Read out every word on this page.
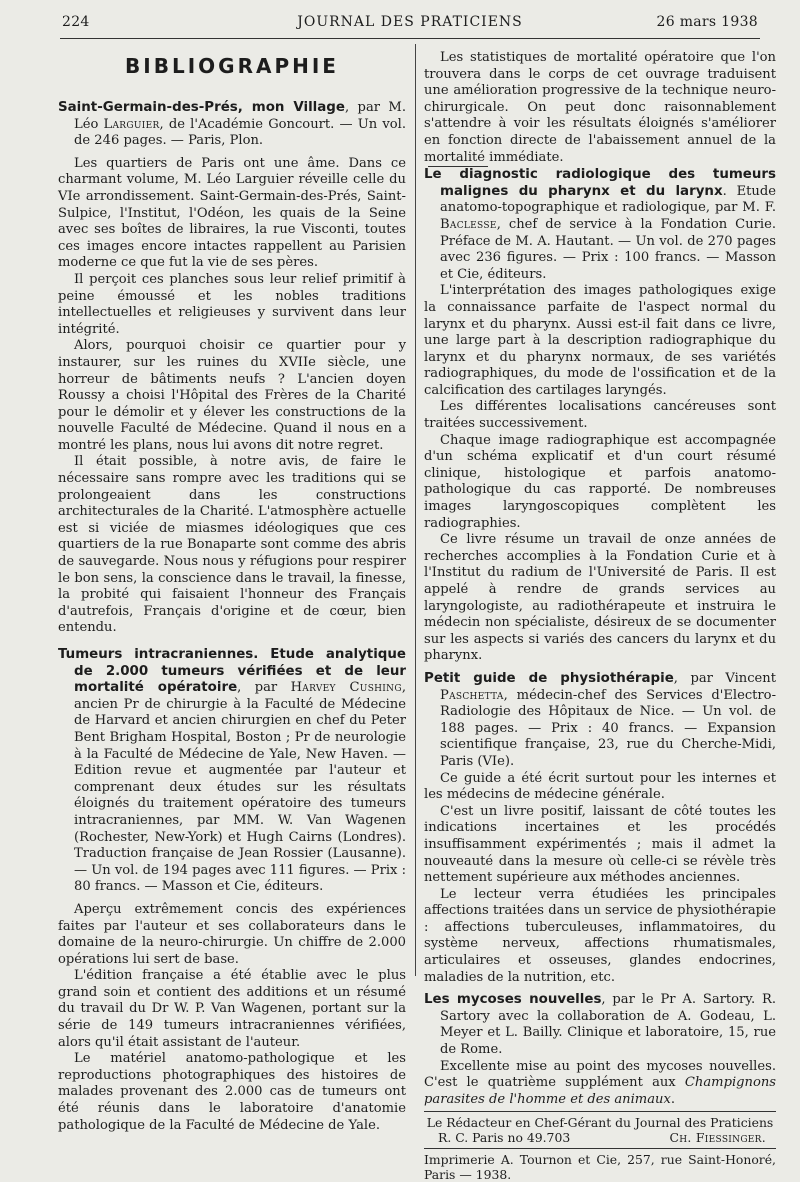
224	JOURNAL DES PRATICIENS	26 mars 1938
BIBLIOGRAPHIE

Saint-Germain-des-Prés, mon Village, par M. Léo Larguier, de l'Académie Goncourt. — Un vol. de 246 pages. — Paris, Plon.

Les quartiers de Paris ont une âme. Dans ce charmant volume, M. Léo Larguier réveille celle du VIe arrondissement. Saint-Germain-des-Prés, Saint-Sulpice, l'Institut, l'Odéon, les quais de la Seine avec ses boîtes de libraires, la rue Visconti, toutes ces images encore intactes rappellent au Parisien moderne ce que fut la vie de ses pères.

Il perçoit ces planches sous leur relief primitif à peine émoussé et les nobles traditions intellectuelles et religieuses y survivent dans leur intégrité.

Alors, pourquoi choisir ce quartier pour y instaurer, sur les ruines du XVIIe siècle, une horreur de bâtiments neufs ? L'ancien doyen Roussy a choisi l'Hôpital des Frères de la Charité pour le démolir et y élever les constructions de la nouvelle Faculté de Médecine. Quand il nous en a montré les plans, nous lui avons dit notre regret.

Il était possible, à notre avis, de faire le nécessaire sans rompre avec les traditions qui se prolongeaient dans les constructions architecturales de la Charité. L'atmosphère actuelle est si viciée de miasmes idéologiques que ces quartiers de la rue Bonaparte sont comme des abris de sauvegarde. Nous nous y réfugions pour respirer le bon sens, la conscience dans le travail, la finesse, la probité qui faisaient l'honneur des Français d'autrefois, Français d'origine et de cœur, bien entendu.

Tumeurs intracraniennes. Etude analytique de 2.000 tumeurs vérifiées et de leur mortalité opératoire, par Harvey Cushing, ancien Pr de chirurgie à la Faculté de Médecine de Harvard et ancien chirurgien en chef du Peter Bent Brigham Hospital, Boston ; Pr de neurologie à la Faculté de Médecine de Yale, New Haven. — Edition revue et augmentée par l'auteur et comprenant deux études sur les résultats éloignés du traitement opératoire des tumeurs intracraniennes, par MM. W. Van Wagenen (Rochester, New-York) et Hugh Cairns (Londres). Traduction française de Jean Rossier (Lausanne). — Un vol. de 194 pages avec 111 figures. — Prix : 80 francs. — Masson et Cie, éditeurs.

Aperçu extrêmement concis des expériences faites par l'auteur et ses collaborateurs dans le domaine de la neuro-chirurgie. Un chiffre de 2.000 opérations lui sert de base.

L'édition française a été établie avec le plus grand soin et contient des additions et un résumé du travail du Dr W. P. Van Wagenen, portant sur la série de 149 tumeurs intracraniennes vérifiées, alors qu'il était assistant de l'auteur.

Le matériel anatomo-pathologique et les reproductions photographiques des histoires de malades provenant des 2.000 cas de tumeurs ont été réunis dans le laboratoire d'anatomie pathologique de la Faculté de Médecine de Yale.

Les statistiques de mortalité opératoire que l'on trouvera dans le corps de cet ouvrage traduisent une amélioration progressive de la technique neuro-chirurgicale. On peut donc raisonnablement s'attendre à voir les résultats éloignés s'améliorer en fonction directe de l'abaissement annuel de la mortalité immédiate.

Le diagnostic radiologique des tumeurs malignes du pharynx et du larynx. Etude anatomo-topographique et radiologique, par M. F. Baclesse, chef de service à la Fondation Curie. Préface de M. A. Hautant. — Un vol. de 270 pages avec 236 figures. — Prix : 100 francs. — Masson et Cie, éditeurs.

L'interprétation des images pathologiques exige la connaissance parfaite de l'aspect normal du larynx et du pharynx. Aussi est-il fait dans ce livre, une large part à la description radiographique du larynx et du pharynx normaux, de ses variétés radiographiques, du mode de l'ossification et de la calcification des cartilages laryngés.

Les différentes localisations cancéreuses sont traitées successivement.

Chaque image radiographique est accompagnée d'un schéma explicatif et d'un court résumé clinique, histologique et parfois anatomo-pathologique du cas rapporté. De nombreuses images laryngoscopiques complètent les radiographies.

Ce livre résume un travail de onze années de recherches accomplies à la Fondation Curie et à l'Institut du radium de l'Université de Paris. Il est appelé à rendre de grands services au laryngologiste, au radiothérapeute et instruira le médecin non spécialiste, désireux de se documenter sur les aspects si variés des cancers du larynx et du pharynx.

Petit guide de physiothérapie, par Vincent Paschetta, médecin-chef des Services d'Electro-Radiologie des Hôpitaux de Nice. — Un vol. de 188 pages. — Prix : 40 francs. — Expansion scientifique française, 23, rue du Cherche-Midi, Paris (VIe).

Ce guide a été écrit surtout pour les internes et les médecins de médecine générale.

C'est un livre positif, laissant de côté toutes les indications incertaines et les procédés insuffisamment expérimentés ; mais il admet la nouveauté dans la mesure où celle-ci se révèle très nettement supérieure aux méthodes anciennes.

Le lecteur verra étudiées les principales affections traitées dans un service de physiothérapie : affections tuberculeuses, inflammatoires, du système nerveux, affections rhumatismales, articulaires et osseuses, glandes endocrines, maladies de la nutrition, etc.

Les mycoses nouvelles, par le Pr A. Sartory. R. Sartory avec la collaboration de A. Godeau, L. Meyer et L. Bailly. Clinique et laboratoire, 15, rue de Rome.

Excellente mise au point des mycoses nouvelles. C'est le quatrième supplément aux Champignons parasites de l'homme et des animaux.

Le Rédacteur en Chef-Gérant du Journal des Praticiens
R. C. Paris no 49.703	Ch. Fiessinger.
Imprimerie A. Tournon et Cie, 257, rue Saint-Honoré, Paris — 1938.
